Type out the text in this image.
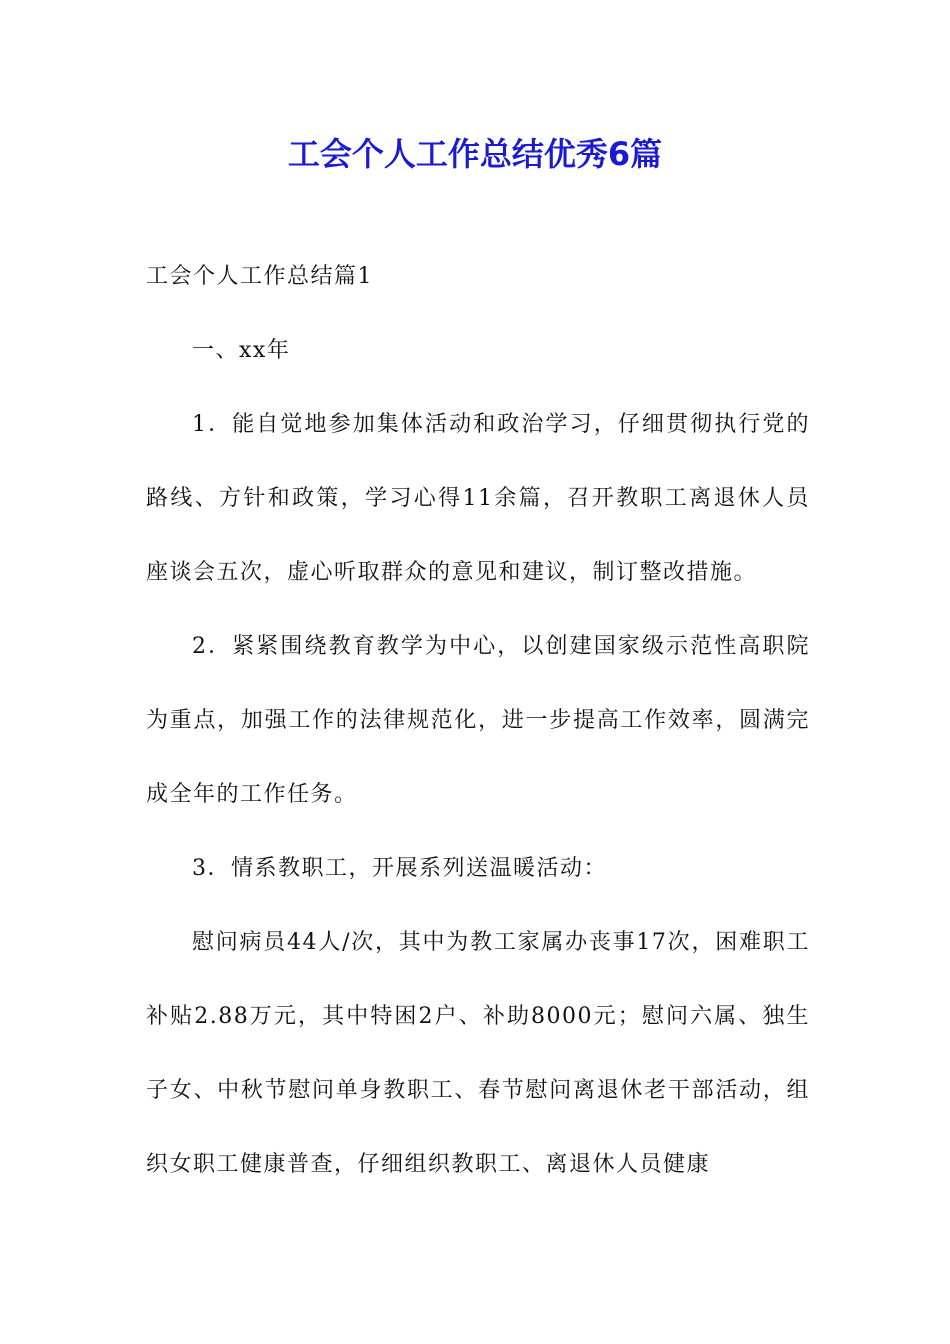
工会个人工作总结优秀6篇

工会个人工作总结篇1

一、xx年

1．能自觉地参加集体活动和政治学习，仔细贯彻执行党的路线、方针和政策，学习心得11余篇，召开教职工离退休人员座谈会五次，虚心听取群众的意见和建议，制订整改措施。

2．紧紧围绕教育教学为中心，以创建国家级示范性高职院为重点，加强工作的法律规范化，进一步提高工作效率，圆满完成全年的工作任务。

3．情系教职工，开展系列送温暖活动：

慰问病员44人/次，其中为教工家属办丧事17次，困难职工补贴2.88万元，其中特困2户、补助8000元；慰问六属、独生子女、中秋节慰问单身教职工、春节慰问离退休老干部活动，组织女职工健康普查，仔细组织教职工、离退休人员健康
